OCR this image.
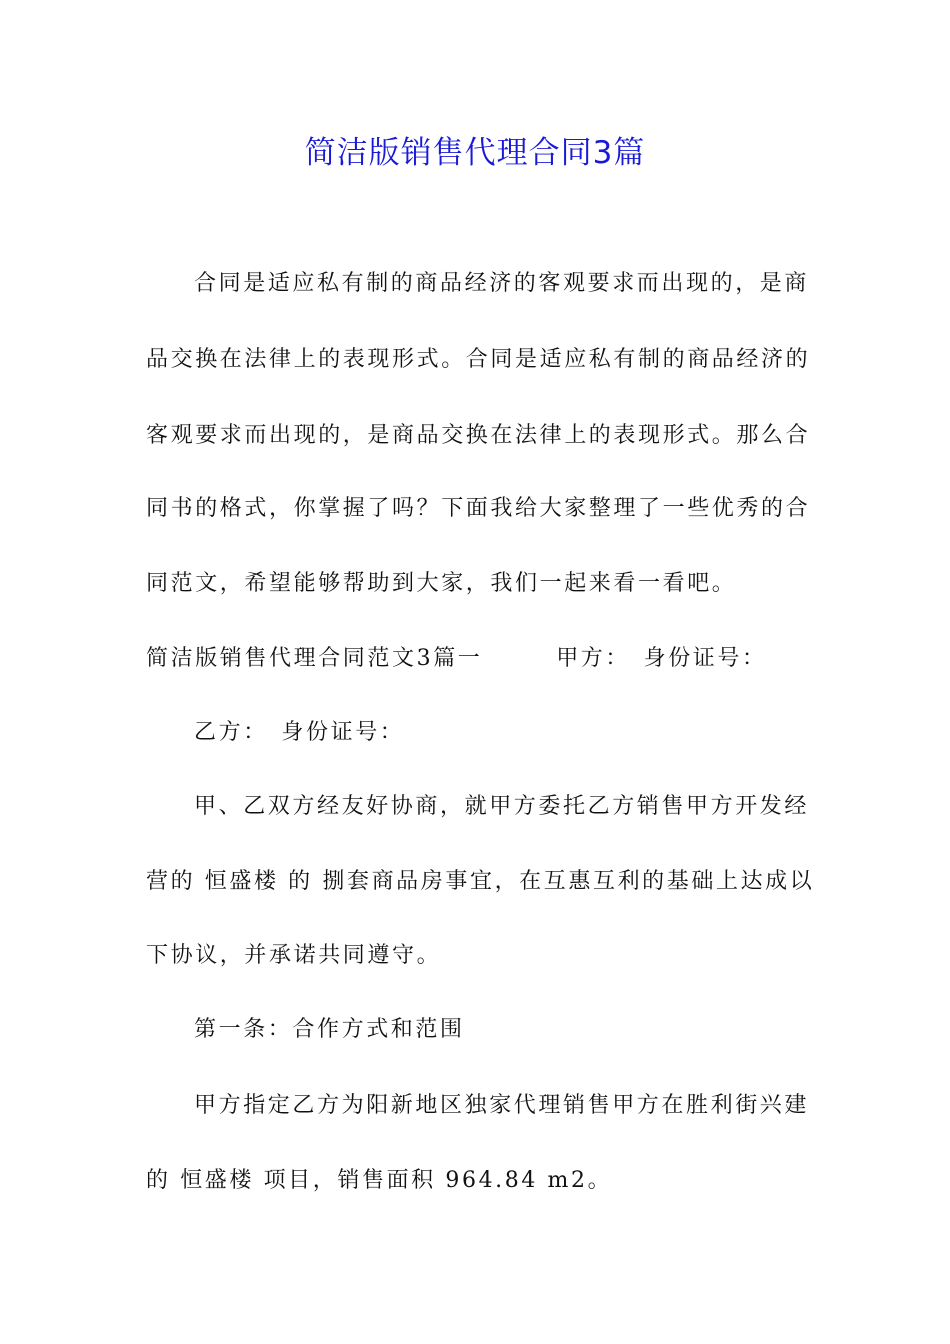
简洁版销售代理合同3篇
合同是适应私有制的商品经济的客观要求而出现的，是商
品交换在法律上的表现形式。合同是适应私有制的商品经济的
客观要求而出现的，是商品交换在法律上的表现形式。那么合
同书的格式，你掌握了吗？下面我给大家整理了一些优秀的合
同范文，希望能够帮助到大家，我们一起来看一看吧。
简洁版销售代理合同范文3篇一　　　甲方：　身份证号：
乙方：　身份证号：
甲、乙双方经友好协商，就甲方委托乙方销售甲方开发经
营的 恒盛楼 的 捌套商品房事宜，在互惠互利的基础上达成以
下协议，并承诺共同遵守。
第一条：合作方式和范围
甲方指定乙方为阳新地区独家代理销售甲方在胜利街兴建
的 恒盛楼 项目，销售面积 964.84 m2。
